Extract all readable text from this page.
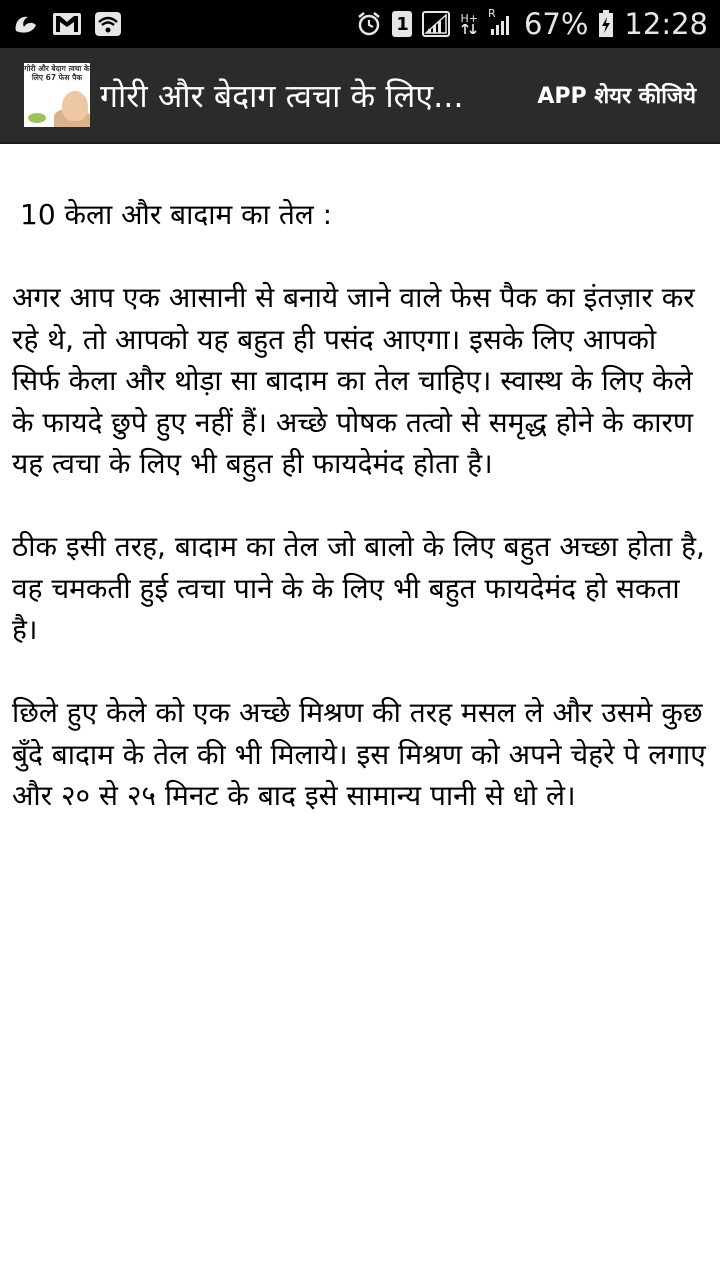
1	H+ R 67% 12:28
गोरी और बेदाग त्वचा के लिए 67 फेस पैक गोरी और बेदाग त्वचा के लिए...	APP शेयर कीजिये

10 केला और बादाम का तेल :

अगर आप एक आसानी से बनाये जाने वाले फेस पैक का इंतज़ार कर रहे थे, तो आपको यह बहुत ही पसंद आएगा। इसके लिए आपको सिर्फ केला और थोड़ा सा बादाम का तेल चाहिए। स्वास्थ के लिए केले के फायदे छुपे हुए नहीं हैं। अच्छे पोषक तत्वो से समृद्ध होने के कारण यह त्वचा के लिए भी बहुत ही फायदेमंद होता है।

ठीक इसी तरह, बादाम का तेल जो बालो के लिए बहुत अच्छा होता है, वह चमकती हुई त्वचा पाने के के लिए भी बहुत फायदेमंद हो सकता है।

छिले हुए केले को एक अच्छे मिश्रण की तरह मसल ले और उसमे कुछ बुँदे बादाम के तेल की भी मिलाये। इस मिश्रण को अपने चेहरे पे लगाए और २० से २५ मिनट के बाद इसे सामान्य पानी से धो ले।
